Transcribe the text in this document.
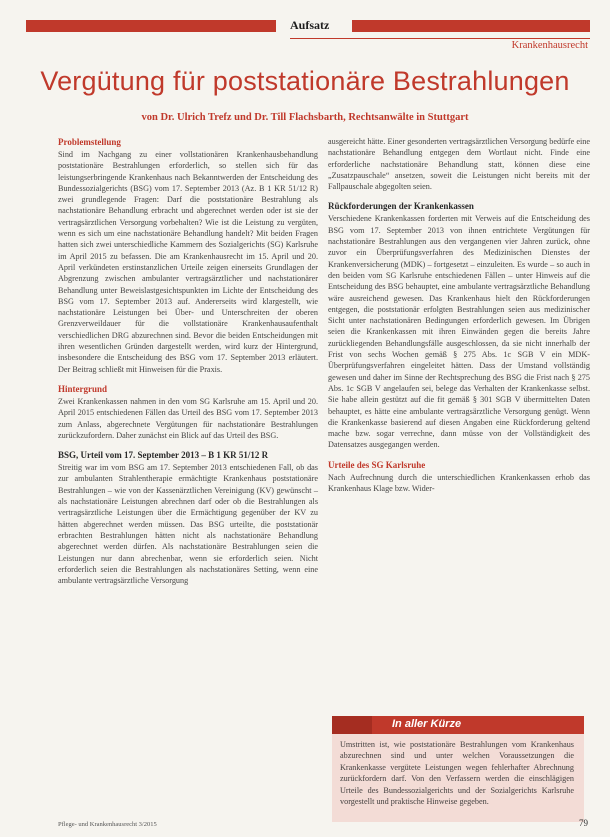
Aufsatz
Krankenhausrecht
Vergütung für poststationäre Bestrahlungen
von Dr. Ulrich Trefz und Dr. Till Flachsbarth, Rechtsanwälte in Stuttgart
Problemstellung

Sind im Nachgang zu einer vollstationären Krankenhausbehandlung poststationäre Bestrahlungen erforderlich, so stellen sich für das leistungserbringende Krankenhaus nach Bekanntwerden der Entscheidung des Bundessozialgerichts (BSG) vom 17. September 2013 (Az. B 1 KR 51/12 R) zwei grundlegende Fragen: Darf die poststationäre Bestrahlung als nachstationäre Behandlung erbracht und abgerechnet werden oder ist sie der vertragsärztlichen Versorgung vorbehalten? Wie ist die Leistung zu vergüten, wenn es sich um eine nachstationäre Behandlung handelt? Mit beiden Fragen hatten sich zwei unterschiedliche Kammern des Sozialgerichts (SG) Karlsruhe im April 2015 zu befassen. Die am Krankenhausrecht im 15. April und 20. April verkündeten erstinstanzlichen Urteile zeigen einerseits Grundlagen der Abgrenzung zwischen ambulanter vertragsärztlicher und nachstationärer Behandlung unter Beweislastgesichtspunkten im Lichte der Entscheidung des BSG vom 17. September 2013 auf. Andererseits wird klargestellt, wie nachstationäre Leistungen bei Über- und Unterschreiten der oberen Grenzverweildauer für die vollstationäre Krankenhausaufenthalt verschiedlichen DRG abzurechnen sind. Bevor die beiden Entscheidungen mit ihren wesentlichen Gründen dargestellt werden, wird kurz der Hintergrund, insbesondere die Entscheidung des BSG vom 17. September 2013 erläutert. Der Beitrag schließt mit Hinweisen für die Praxis.

Hintergrund

Zwei Krankenkassen nahmen in den vom SG Karlsruhe am 15. April und 20. April 2015 entschiedenen Fällen das Urteil des BSG vom 17. September 2013 zum Anlass, abgerechnete Vergütungen für nachstationäre Bestrahlungen zurückzufordern. Daher zunächst ein Blick auf das Urteil des BSG.

BSG, Urteil vom 17. September 2013 – B 1 KR 51/12 R

Streitig war im vom BSG am 17. September 2013 entschiedenen Fall, ob das zur ambulanten Strahlentherapie ermächtigte Krankenhaus poststationäre Bestrahlungen – wie von der Kassenärztlichen Vereinigung (KV) gewünscht – als nachstationäre Leistungen abrechnen darf oder ob die Bestrahlungen als vertragsärztliche Leistungen über die Ermächtigung gegenüber der KV zu hätten abgerechnet werden müssen. Das BSG urteilte, die poststationär erbrachten Bestrahlungen hätten nicht als nachstationäre Behandlung abgerechnet werden dürfen. Als nachstationäre Bestrahlungen seien die Leistungen nur dann abrechenbar, wenn sie erforderlich seien. Nicht erforderlich seien die Bestrahlungen als nachstationäres Setting, wenn eine ambulante vertragsärztliche Versorgung

ausgereicht hätte. Einer gesonderten vertragsärztlichen Versorgung bedürfe eine nachstationäre Behandlung entgegen dem Wortlaut nicht. Finde eine erforderliche nachstationäre Behandlung statt, können diese eine „Zusatzpauschale“ ansetzen, soweit die Leistungen nicht bereits mit der Fallpauschale abgegolten seien.

Rückforderungen der Krankenkassen

Verschiedene Krankenkassen forderten mit Verweis auf die Entscheidung des BSG vom 17. September 2013 von ihnen entrichtete Vergütungen für nachstationäre Bestrahlungen aus den vergangenen vier Jahren zurück, ohne zuvor ein Überprüfungsverfahren des Medizinischen Dienstes der Krankenversicherung (MDK) – fortgesetzt – einzuleiten. Es wurde – so auch in den beiden vom SG Karlsruhe entschiedenen Fällen – unter Hinweis auf die Entscheidung des BSG behauptet, eine ambulante vertragsärztliche Behandlung wäre ausreichend gewesen. Das Krankenhaus hielt den Rückforderungen entgegen, die poststationär erfolgten Bestrahlungen seien aus medizinischer Sicht unter nachstationären Bedingungen erforderlich gewesen. Im Übrigen seien die Krankenkassen mit ihren Einwänden gegen die bereits Jahre zurückliegenden Behandlungsfälle ausgeschlossen, da sie nicht innerhalb der Frist von sechs Wochen gemäß § 275 Abs. 1c SGB V ein MDK-Überprüfungsverfahren eingeleitet hätten. Dass der Umstand vollständig gewesen und daher im Sinne der Rechtsprechung des BSG die Frist nach § 275 Abs. 1c SGB V angelaufen sei, belege das Verhalten der Krankenkasse selbst. Sie habe allein gestützt auf die fit gemäß § 301 SGB V übermittelten Daten behauptet, es hätte eine ambulante vertragsärztliche Versorgung genügt. Wenn die Krankenkasse basierend auf diesen Angaben eine Rückforderung geltend mache bzw. sogar verrechne, dann müsse von der Vollständigkeit des Datensatzes ausgegangen werden.

Urteile des SG Karlsruhe

Nach Aufrechnung durch die unterschiedlichen Krankenkassen erhob das Krankenhaus Klage bzw. Wider-

In aller Kürze
Umstritten ist, wie poststationäre Bestrahlungen vom Krankenhaus abzurechnen sind und unter welchen Voraussetzungen die Krankenkasse vergütete Leistungen wegen fehlerhafter Abrechnung zurückfordern darf. Von den Verfassern werden die einschlägigen Urteile des Bundessozialgerichts und der Sozialgerichts Karlsruhe vorgestellt und praktische Hinweise gegeben.
Pflege- und Krankenhausrecht 3/2015	79
